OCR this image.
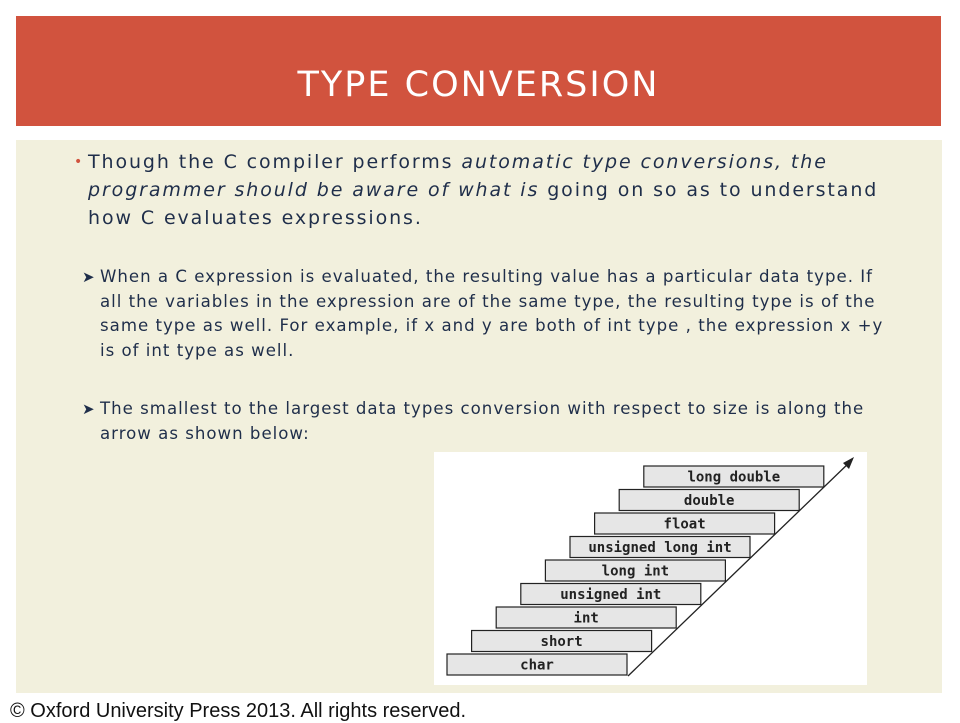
TYPE CONVERSION
• Though the C compiler performs automatic type conversions, the programmer should be aware of what is going on so as to understand how C evaluates expressions.
➤ When a C expression is evaluated, the resulting value has a particular data type. If all the variables in the expression are of the same type, the resulting type is of the same type as well. For example, if x and y are both of int type , the expression x +y is of int type as well.
➤ The smallest to the largest data types conversion with respect to size is along the arrow as shown below:
char
short
int
unsigned int
long int
unsigned long int
float
double
long double
© Oxford University Press 2013. All rights reserved.
